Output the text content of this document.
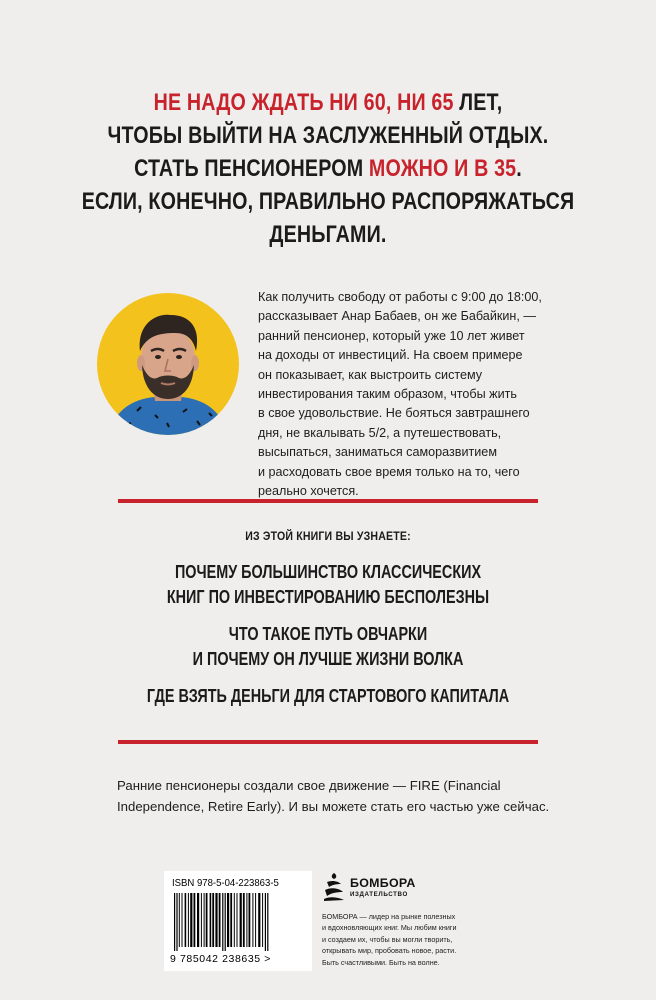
НЕ НАДО ЖДАТЬ НИ 60, НИ 65 ЛЕТ,
ЧТОБЫ ВЫЙТИ НА ЗАСЛУЖЕННЫЙ ОТДЫХ.
СТАТЬ ПЕНСИОНЕРОМ МОЖНО И В 35.
ЕСЛИ, КОНЕЧНО, ПРАВИЛЬНО РАСПОРЯЖАТЬСЯ
ДЕНЬГАМИ.
Как получить свободу от работы с 9:00 до 18:00,
рассказывает Анар Бабаев, он же Бабайкин, —
ранний пенсионер, который уже 10 лет живет
на доходы от инвестиций. На своем примере
он показывает, как выстроить систему
инвестирования таким образом, чтобы жить
в свое удовольствие. Не бояться завтрашнего
дня, не вкалывать 5/2, а путешествовать,
высыпаться, заниматься саморазвитием
и расходовать свое время только на то, чего
реально хочется.
ИЗ ЭТОЙ КНИГИ ВЫ УЗНАЕТЕ:
ПОЧЕМУ БОЛЬШИНСТВО КЛАССИЧЕСКИХ
КНИГ ПО ИНВЕСТИРОВАНИЮ БЕСПОЛЕЗНЫ
ЧТО ТАКОЕ ПУТЬ ОВЧАРКИ
И ПОЧЕМУ ОН ЛУЧШЕ ЖИЗНИ ВОЛКА
ГДЕ ВЗЯТЬ ДЕНЬГИ ДЛЯ СТАРТОВОГО КАПИТАЛА
Ранние пенсионеры создали свое движение — FIRE (Financial
Independence, Retire Early). И вы можете стать его частью уже сейчас.
ISBN 978-5-04-223863-5
9 785042 238635 >
БОМБОРА
ИЗДАТЕЛЬСТВО
БОМБОРА — лидер на рынке полезных
и вдохновляющих книг. Мы любим книги
и создаем их, чтобы вы могли творить,
открывать мир, пробовать новое, расти.
Быть счастливыми. Быть на волне.
